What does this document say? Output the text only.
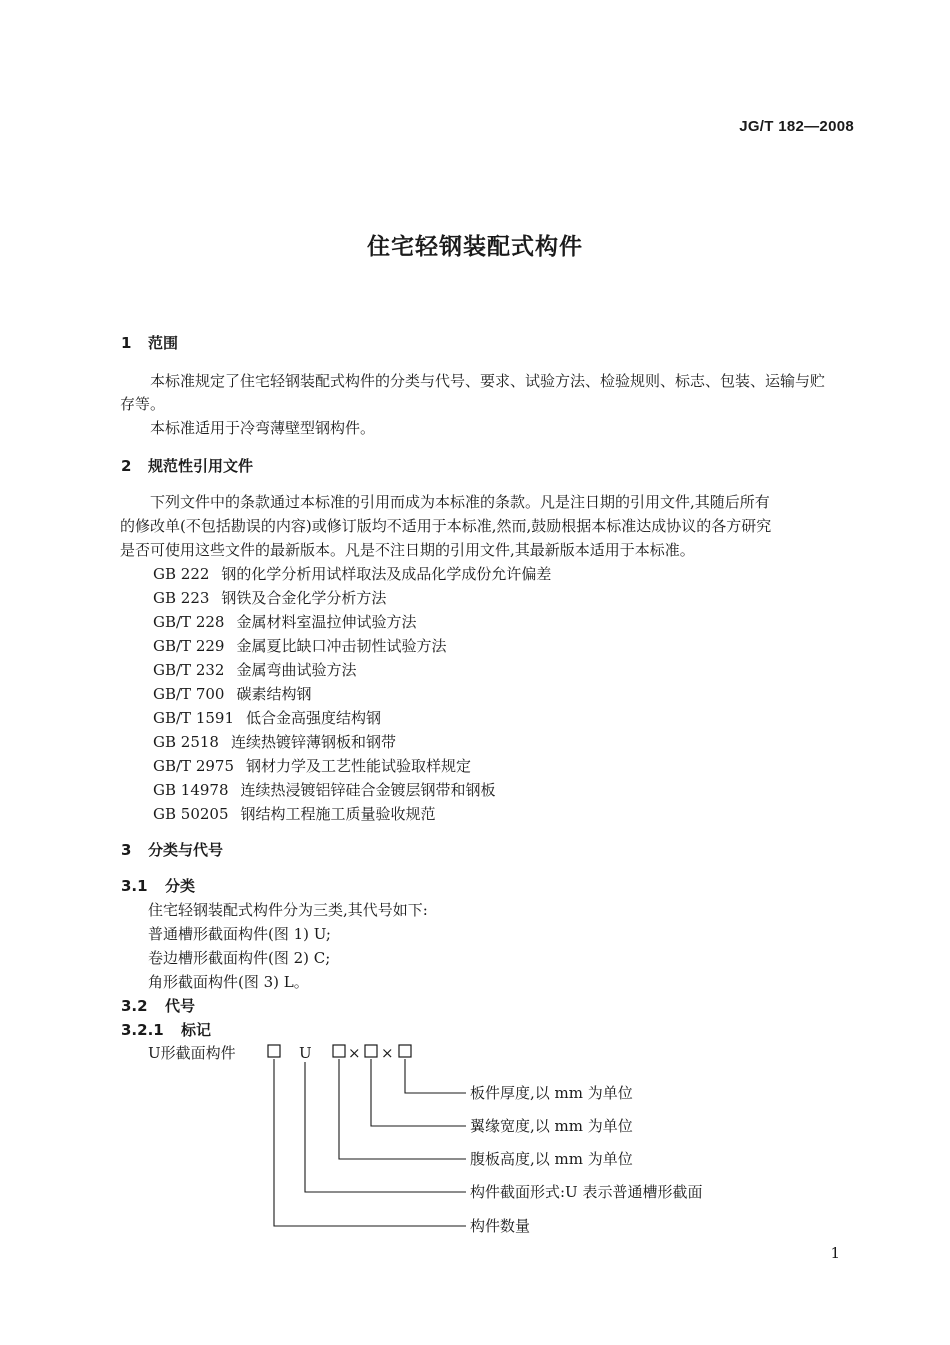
JG/T 182—2008
住宅轻钢装配式构件
1 范围
本标准规定了住宅轻钢装配式构件的分类与代号、要求、试验方法、检验规则、标志、包装、运输与贮
存等。
本标准适用于冷弯薄壁型钢构件。
2 规范性引用文件
下列文件中的条款通过本标准的引用而成为本标准的条款。凡是注日期的引用文件,其随后所有
的修改单(不包括勘误的内容)或修订版均不适用于本标准,然而,鼓励根据本标准达成协议的各方研究
是否可使用这些文件的最新版本。凡是不注日期的引用文件,其最新版本适用于本标准。
GB 222 钢的化学分析用试样取法及成品化学成份允许偏差
GB 223 钢铁及合金化学分析方法
GB/T 228 金属材料室温拉伸试验方法
GB/T 229 金属夏比缺口冲击韧性试验方法
GB/T 232 金属弯曲试验方法
GB/T 700 碳素结构钢
GB/T 1591 低合金高强度结构钢
GB 2518 连续热镀锌薄钢板和钢带
GB/T 2975 钢材力学及工艺性能试验取样规定
GB 14978 连续热浸镀铝锌硅合金镀层钢带和钢板
GB 50205 钢结构工程施工质量验收规范
3 分类与代号
3.1 分类
住宅轻钢装配式构件分为三类,其代号如下:
普通槽形截面构件(图 1) U;
卷边槽形截面构件(图 2) C;
角形截面构件(图 3) L。
3.2 代号
3.2.1 标记
U形截面构件	U × ×
板件厚度,以 mm 为单位
翼缘宽度,以 mm 为单位
腹板高度,以 mm 为单位
构件截面形式:U 表示普通槽形截面
构件数量
1
